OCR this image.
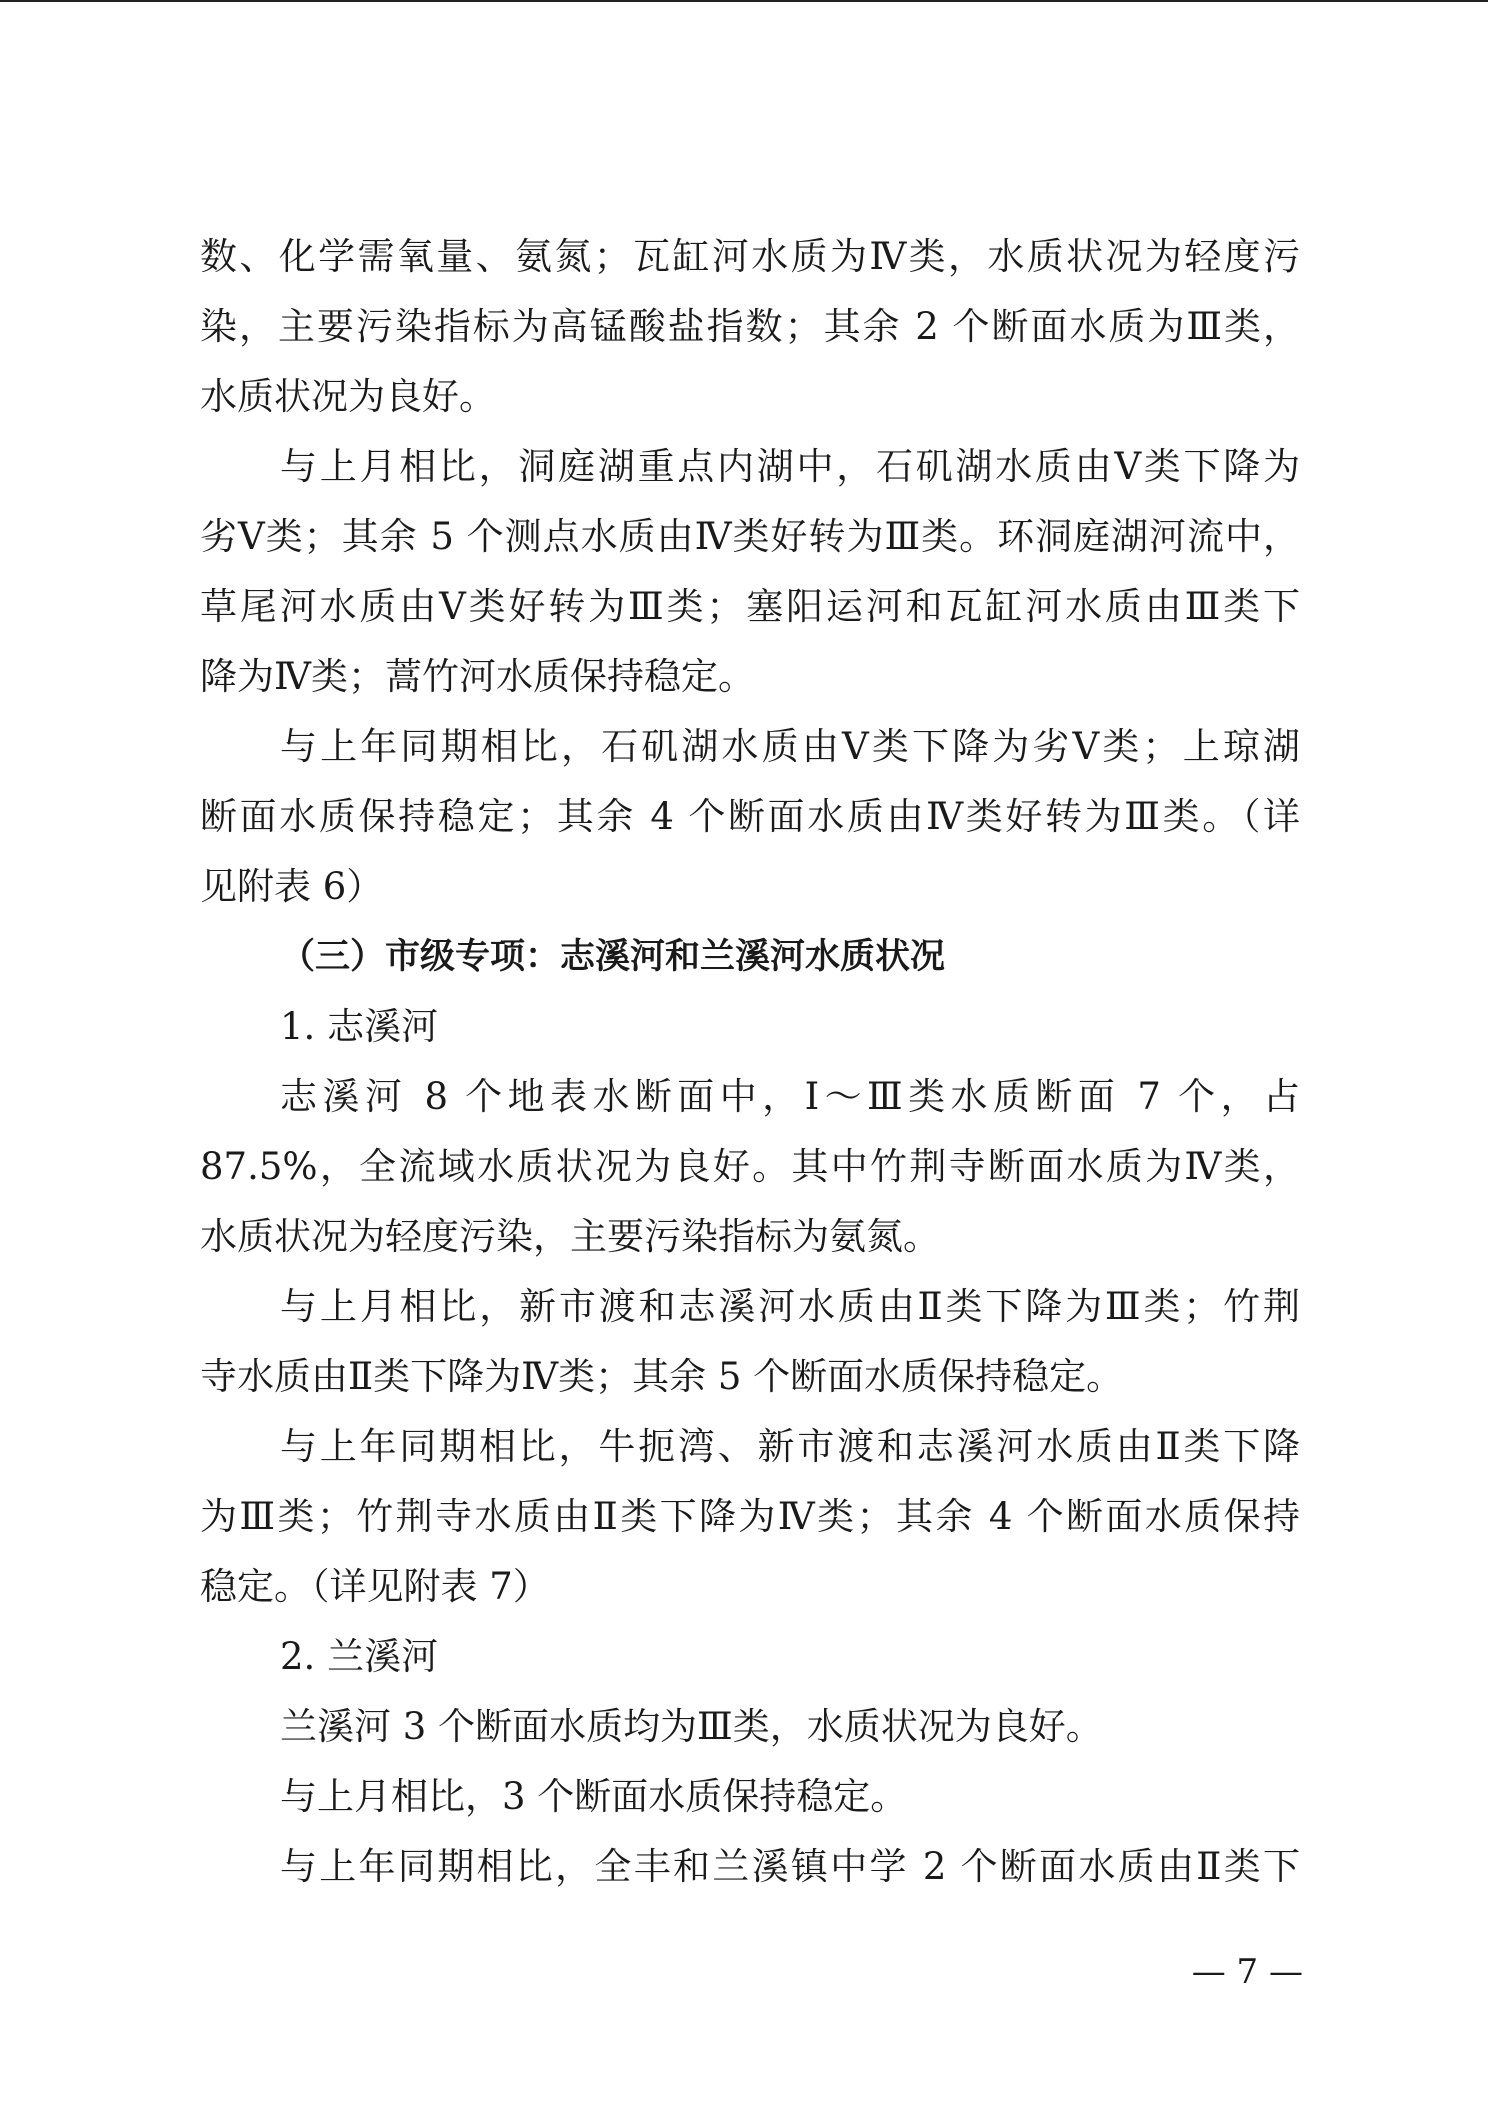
数、化学需氧量、氨氮；瓦缸河水质为Ⅳ类，水质状况为轻度污
染，主要污染指标为高锰酸盐指数；其余 2 个断面水质为Ⅲ类，
水质状况为良好。
与上月相比，洞庭湖重点内湖中，石矶湖水质由Ⅴ类下降为
劣Ⅴ类；其余 5 个测点水质由Ⅳ类好转为Ⅲ类。环洞庭湖河流中，
草尾河水质由Ⅴ类好转为Ⅲ类；塞阳运河和瓦缸河水质由Ⅲ类下
降为Ⅳ类；蒿竹河水质保持稳定。
与上年同期相比，石矶湖水质由Ⅴ类下降为劣Ⅴ类；上琼湖
断面水质保持稳定；其余 4 个断面水质由Ⅳ类好转为Ⅲ类。（详
见附表 6）
（三）市级专项：志溪河和兰溪河水质状况
1. 志溪河
志溪河 8 个地表水断面中，Ⅰ～Ⅲ类水质断面 7 个，占
87.5%，全流域水质状况为良好。其中竹荆寺断面水质为Ⅳ类，
水质状况为轻度污染，主要污染指标为氨氮。
与上月相比，新市渡和志溪河水质由Ⅱ类下降为Ⅲ类；竹荆
寺水质由Ⅱ类下降为Ⅳ类；其余 5 个断面水质保持稳定。
与上年同期相比，牛扼湾、新市渡和志溪河水质由Ⅱ类下降
为Ⅲ类；竹荆寺水质由Ⅱ类下降为Ⅳ类；其余 4 个断面水质保持
稳定。（详见附表 7）
2. 兰溪河
兰溪河 3 个断面水质均为Ⅲ类，水质状况为良好。
与上月相比，3 个断面水质保持稳定。
与上年同期相比，全丰和兰溪镇中学 2 个断面水质由Ⅱ类下
— 7 —
